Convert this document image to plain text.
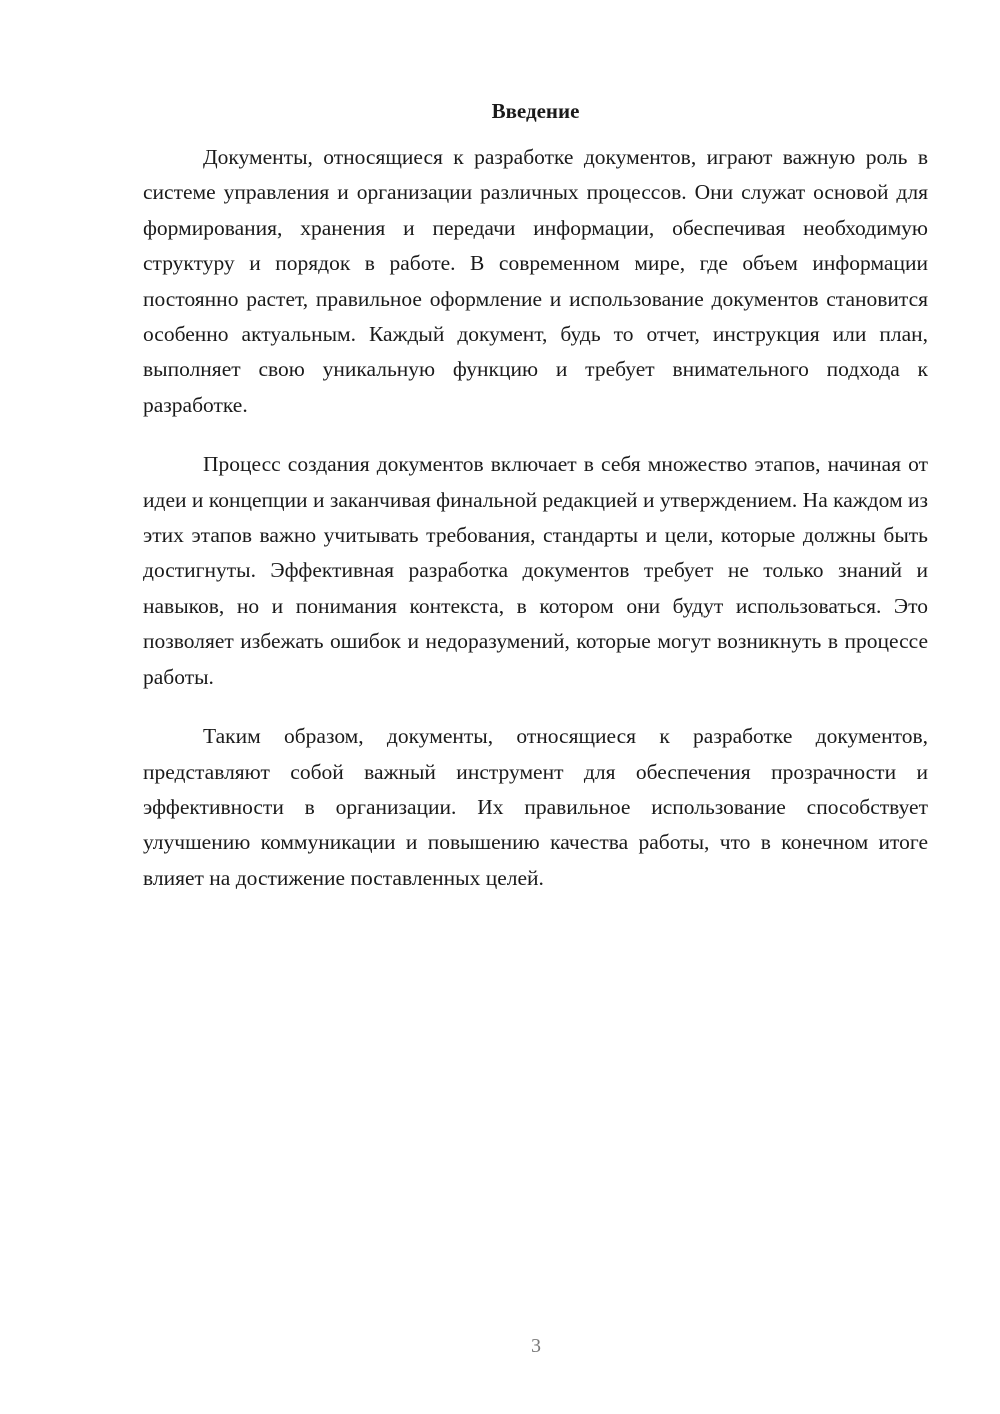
Введение

Документы, относящиеся к разработке документов, играют важную роль в системе управления и организации различных процессов. Они служат основой для формирования, хранения и передачи информации, обеспечивая необходимую структуру и порядок в работе. В современном мире, где объем информации постоянно растет, правильное оформление и использование документов становится особенно актуальным. Каждый документ, будь то отчет, инструкция или план, выполняет свою уникальную функцию и требует внимательного подхода к разработке.

Процесс создания документов включает в себя множество этапов, начиная от идеи и концепции и заканчивая финальной редакцией и утверждением. На каждом из этих этапов важно учитывать требования, стандарты и цели, которые должны быть достигнуты. Эффективная разработка документов требует не только знаний и навыков, но и понимания контекста, в котором они будут использоваться. Это позволяет избежать ошибок и недоразумений, которые могут возникнуть в процессе работы.

Таким образом, документы, относящиеся к разработке документов, представляют собой важный инструмент для обеспечения прозрачности и эффективности в организации. Их правильное использование способствует улучшению коммуникации и повышению качества работы, что в конечном итоге влияет на достижение поставленных целей.

3
